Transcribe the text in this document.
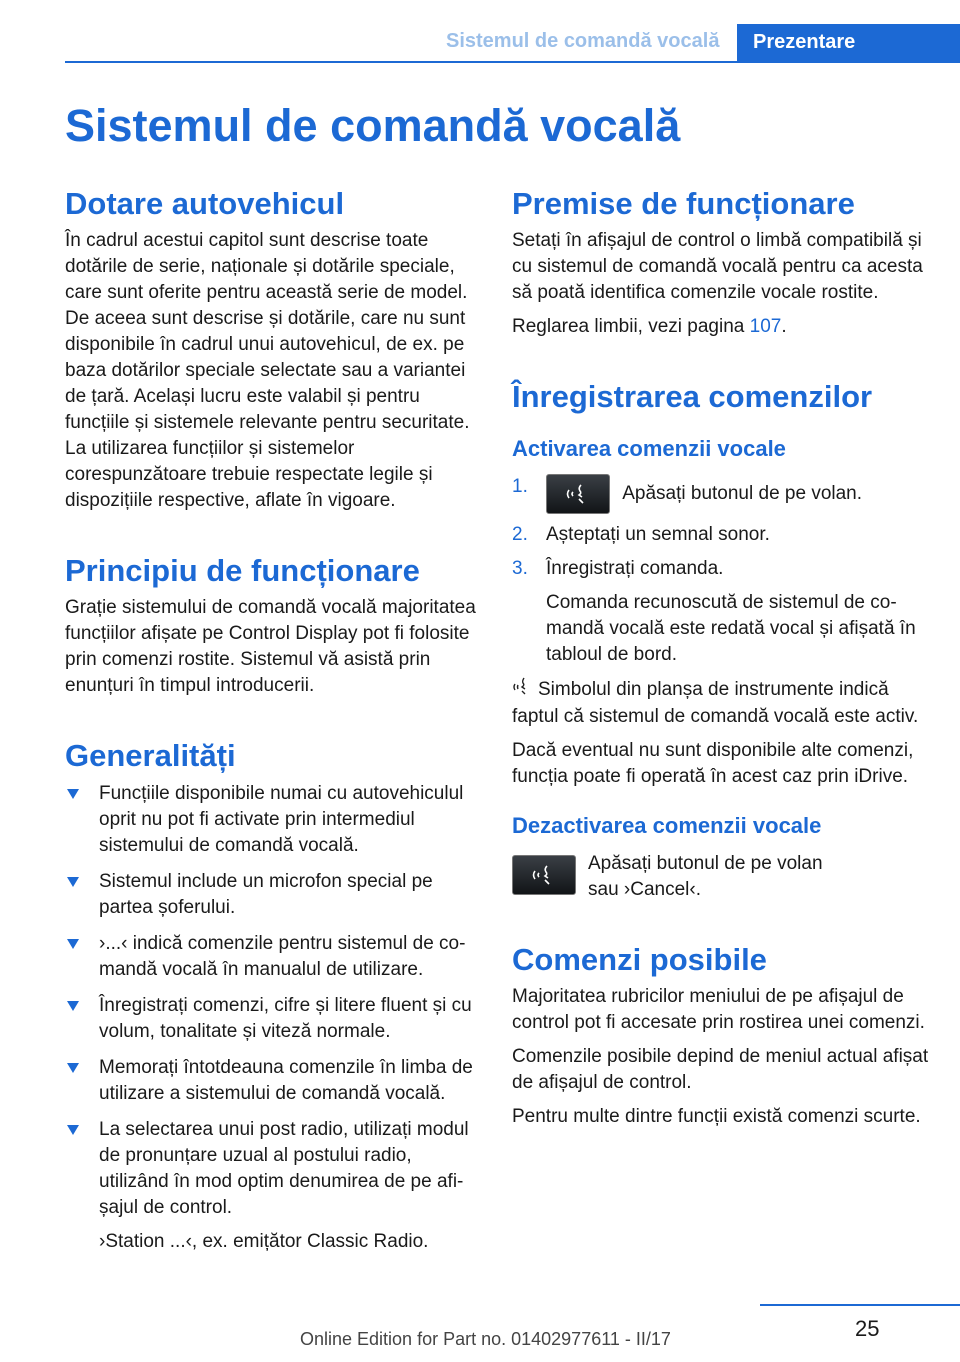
Sistemul de comandă vocală	Prezentare
Sistemul de comandă vocală
Dotare autovehicul

În cadrul acestui capitol sunt descrise toate dotările de serie, naționale și dotările speciale, care sunt oferite pentru această serie de model. De aceea sunt descrise și dotările, care nu sunt disponibile în cadrul unui autovehicul, de ex. pe baza dotărilor speciale selectate sau a variantei de țară. Același lucru este valabil și pentru funcțiile și sistemele relevante pentru securitate. La utilizarea funcțiilor și sistemelor corespunzătoare trebuie respectate legile și dispozițiile respective, aflate în vigoare.

Principiu de funcționare

Grație sistemului de comandă vocală majoritatea funcțiilor afișate pe Control Display pot fi folosite prin comenzi rostite. Sistemul vă asistă prin enunțuri în timpul introducerii.

Generalități
Funcțiile disponibile numai cu autovehiculul oprit nu pot fi activate prin intermediul sistemului de comandă vocală.
Sistemul include un microfon special pe partea șoferului.
›...‹ indică comenzile pentru sistemul de comandă vocală în manualul de utilizare.
Înregistrați comenzi, cifre și litere fluent și cu volum, tonalitate și viteză normale.
Memorați întotdeauna comenzile în limba de utilizare a sistemului de comandă vocală.
La selectarea unui post radio, utilizați modul de pronunțare uzual al postului radio, utilizând în mod optim denumirea de pe afișajul de control.
›Station ...‹, ex. emițător Classic Radio.
Premise de funcționare

Setați în afișajul de control o limbă compatibilă și cu sistemul de comandă vocală pentru ca acesta să poată identifica comenzile vocale rostite.

Reglarea limbii, vezi pagina 107.

Înregistrarea comenzilor
Activarea comenzii vocale
1.	Apăsați butonul de pe volan.
2. Așteptați un semnal sonor.
3. Înregistrați comanda.
Comanda recunoscută de sistemul de comandă vocală este redată vocal și afișată în tabloul de bord.

Simbolul din planșa de instrumente indică faptul că sistemul de comandă vocală este activ.

Dacă eventual nu sunt disponibile alte comenzi, funcția poate fi operată în acest caz prin iDrive.

Dezactivarea comenzii vocale

Apăsați butonul de pe volan sau ›Cancel‹.

Comenzi posibile

Majoritatea rubricilor meniului de pe afișajul de control pot fi accesate prin rostirea unei comenzi.

Comenzile posibile depind de meniul actual afișat de afișajul de control.

Pentru multe dintre funcții există comenzi scurte.

25
Online Edition for Part no. 01402977611 - II/17
